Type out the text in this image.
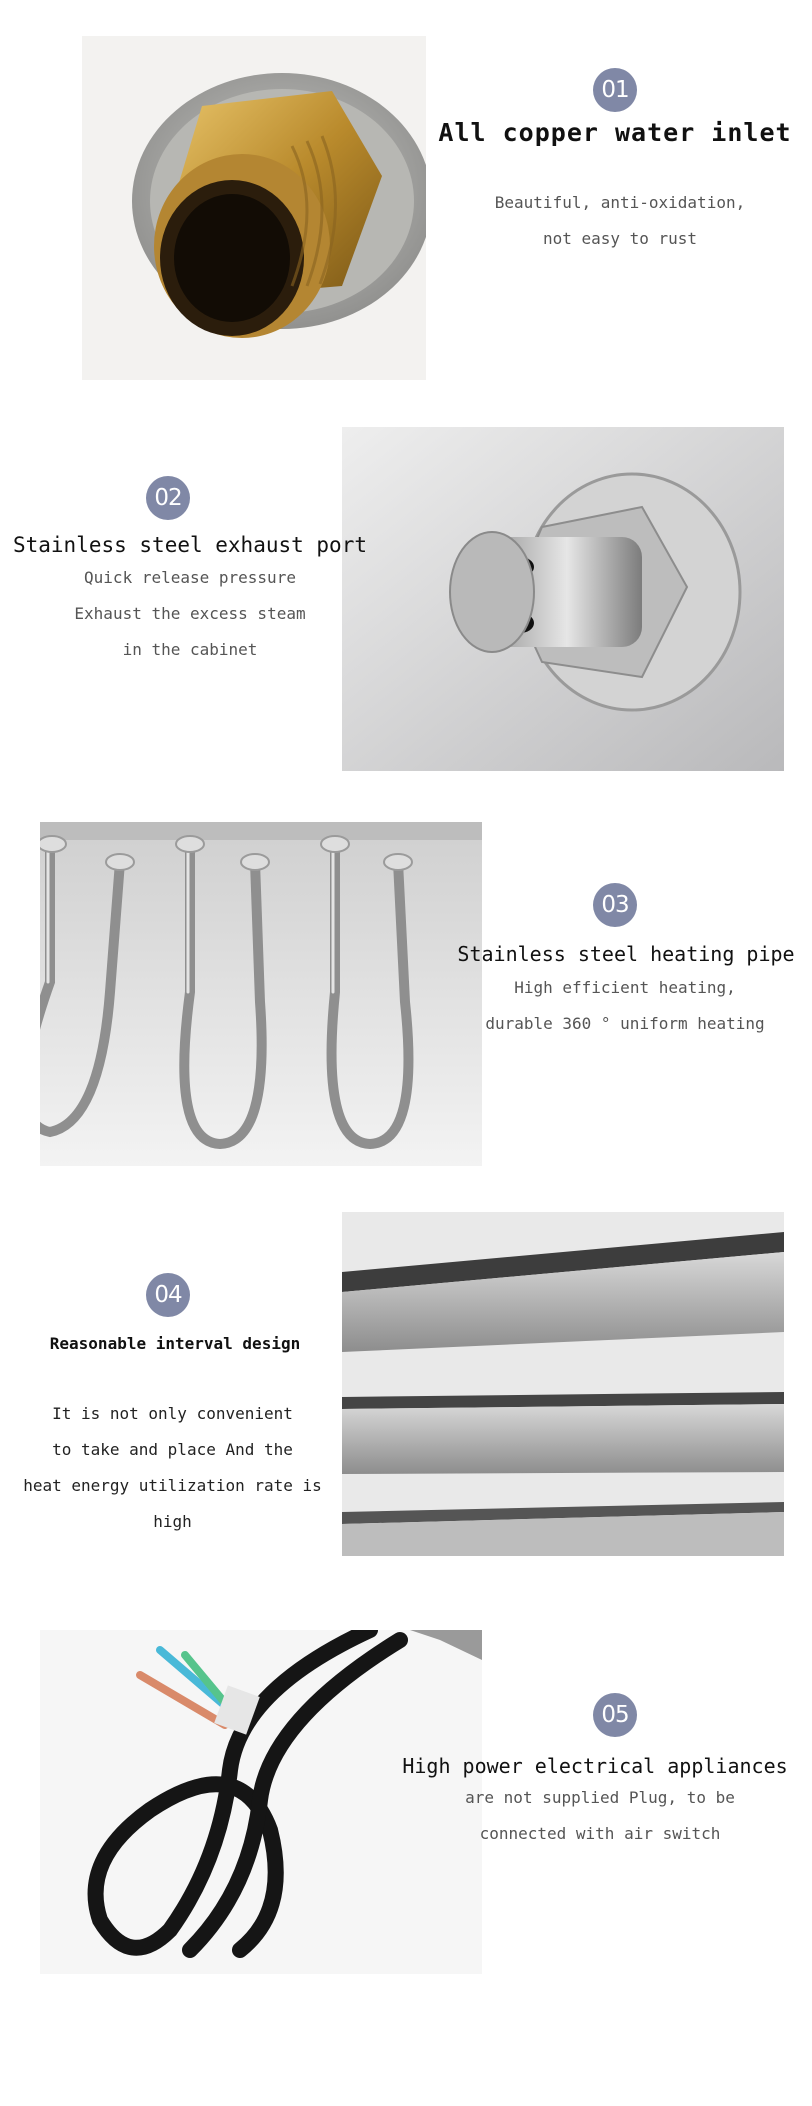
01
All copper water inlet
Beautiful, anti-oxidation,
not easy to rust
02
Stainless steel exhaust port
Quick release pressure
Exhaust the excess steam
in the cabinet
03
Stainless steel heating pipe
High efficient heating,
durable 360 ° uniform heating
04
Reasonable interval design
It is not only convenient
to take and place And the
heat energy utilization rate is high
05
High power electrical appliances
are not supplied Plug, to be
connected with air switch
